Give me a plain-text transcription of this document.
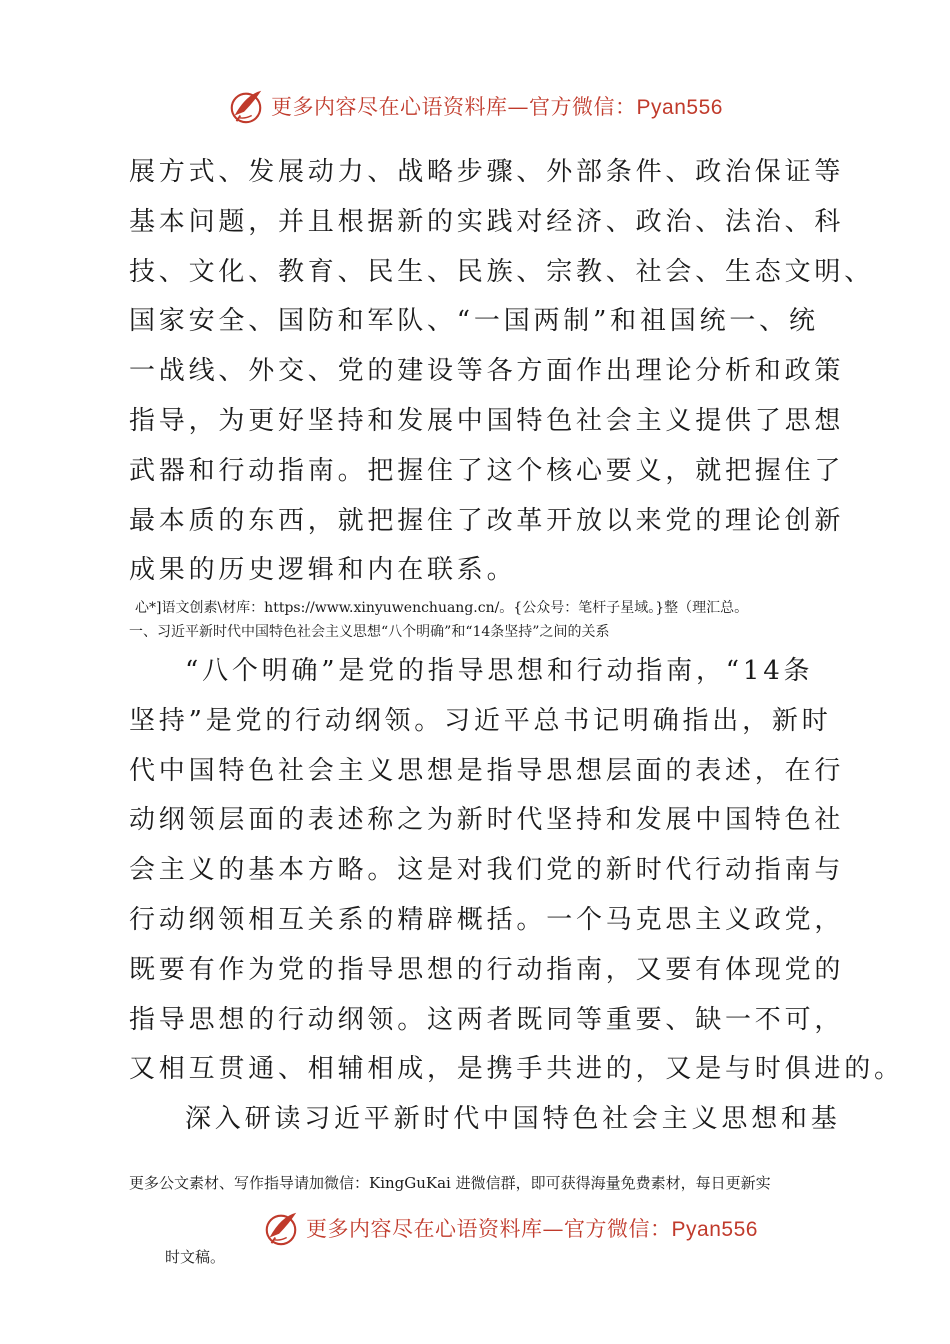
更多内容尽在心语资料库—官方微信：Pyan556
展方式、发展动力、战略步骤、外部条件、政治保证等
基本问题，并且根据新的实践对经济、政治、法治、科
技、文化、教育、民生、民族、宗教、社会、生态文明、
国家安全、国防和军队、“一国两制”和祖国统一、统
一战线、外交、党的建设等各方面作出理论分析和政策
指导，为更好坚持和发展中国特色社会主义提供了思想
武器和行动指南。把握住了这个核心要义，就把握住了
最本质的东西，就把握住了改革开放以来党的理论创新
成果的历史逻辑和内在联系。
心*]语文创素\材库：https://www.xinyuwenchuang.cn/。{公众号：笔杆子星域。}整（理汇总。
一、习近平新时代中国特色社会主义思想“八个明确”和“14条坚持”之间的关系
“八个明确”是党的指导思想和行动指南，“14条
坚持”是党的行动纲领。习近平总书记明确指出，新时
代中国特色社会主义思想是指导思想层面的表述，在行
动纲领层面的表述称之为新时代坚持和发展中国特色社
会主义的基本方略。这是对我们党的新时代行动指南与
行动纲领相互关系的精辟概括。一个马克思主义政党，
既要有作为党的指导思想的行动指南，又要有体现党的
指导思想的行动纲领。这两者既同等重要、缺一不可，
又相互贯通、相辅相成，是携手共进的，又是与时俱进的。
深入研读习近平新时代中国特色社会主义思想和基
更多公文素材、写作指导请加微信：KingGuKai 进微信群，即可获得海量免费素材，每日更新实
更多内容尽在心语资料库—官方微信：Pyan556
时文稿。
